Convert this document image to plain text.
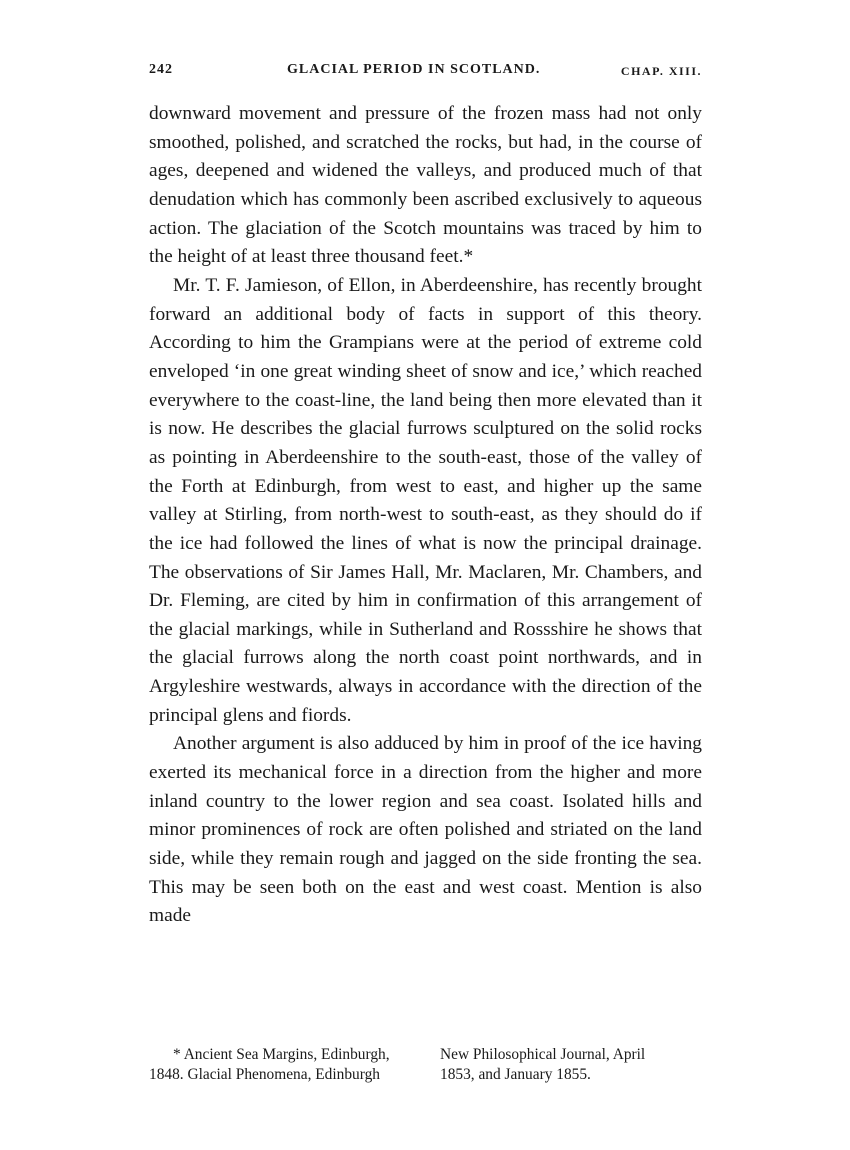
242	GLACIAL PERIOD IN SCOTLAND.	CHAP. XIII.

downward movement and pressure of the frozen mass had not only smoothed, polished, and scratched the rocks, but had, in the course of ages, deepened and widened the valleys, and produced much of that denudation which has commonly been ascribed exclusively to aqueous action. The glaciation of the Scotch mountains was traced by him to the height of at least three thousand feet.*

Mr. T. F. Jamieson, of Ellon, in Aberdeenshire, has recently brought forward an additional body of facts in support of this theory. According to him the Grampians were at the period of extreme cold enveloped ‘in one great winding sheet of snow and ice,’ which reached everywhere to the coast-line, the land being then more elevated than it is now. He describes the glacial furrows sculptured on the solid rocks as pointing in Aberdeenshire to the south-east, those of the valley of the Forth at Edinburgh, from west to east, and higher up the same valley at Stirling, from north-west to south-east, as they should do if the ice had followed the lines of what is now the principal drainage. The observations of Sir James Hall, Mr. Maclaren, Mr. Chambers, and Dr. Fleming, are cited by him in confirmation of this arrangement of the glacial markings, while in Sutherland and Rossshire he shows that the glacial furrows along the north coast point northwards, and in Argyleshire westwards, always in accordance with the direction of the principal glens and fiords.

Another argument is also adduced by him in proof of the ice having exerted its mechanical force in a direction from the higher and more inland country to the lower region and sea coast. Isolated hills and minor prominences of rock are often polished and striated on the land side, while they remain rough and jagged on the side fronting the sea. This may be seen both on the east and west coast. Mention is also made

* Ancient Sea Margins, Edinburgh,
1848. Glacial Phenomena, Edinburgh
New Philosophical Journal, April
1853, and January 1855.
